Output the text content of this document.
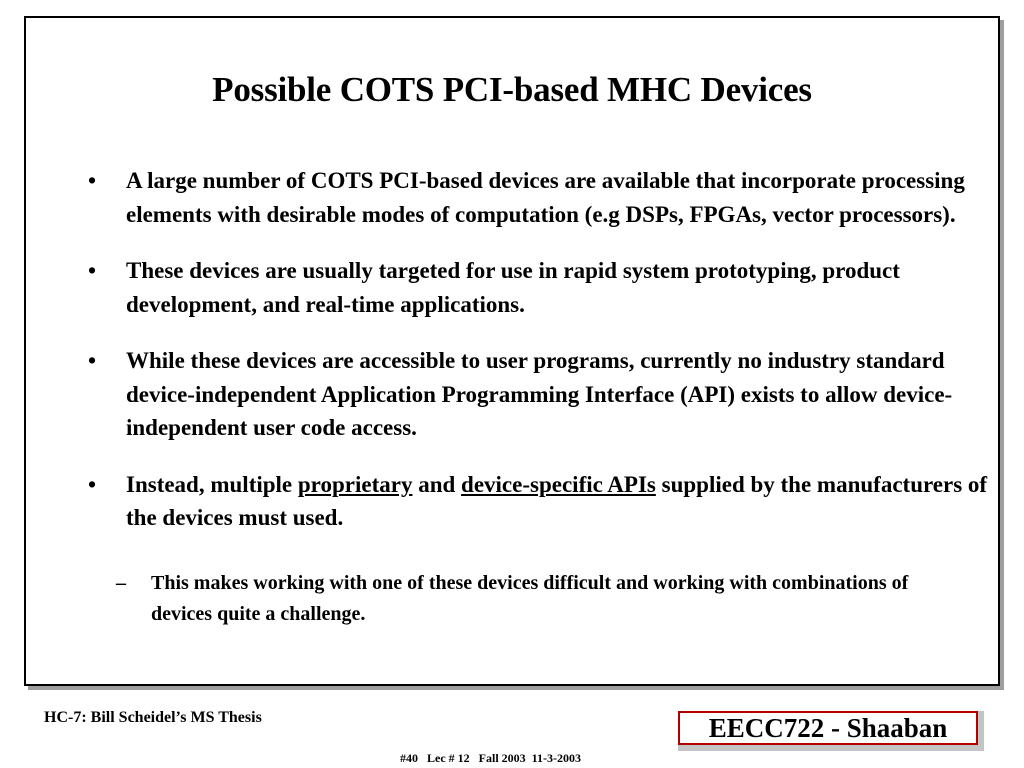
Possible COTS PCI-based MHC Devices
• A large number of COTS PCI-based devices are available that incorporate processing elements with desirable modes of computation (e.g DSPs, FPGAs, vector processors).
• These devices are usually targeted for use in rapid system prototyping, product development, and real-time applications.
• While these devices are accessible to user programs, currently no industry standard device-independent Application Programming Interface (API) exists to allow device-independent user code access.
• Instead, multiple proprietary and device-specific APIs supplied by the manufacturers of the devices must used.
– This makes working with one of these devices difficult and working with combinations of devices quite a challenge.
HC-7: Bill Scheidel’s MS Thesis	EECC722 - Shaaban
#40   Lec # 12   Fall 2003  11-3-2003
